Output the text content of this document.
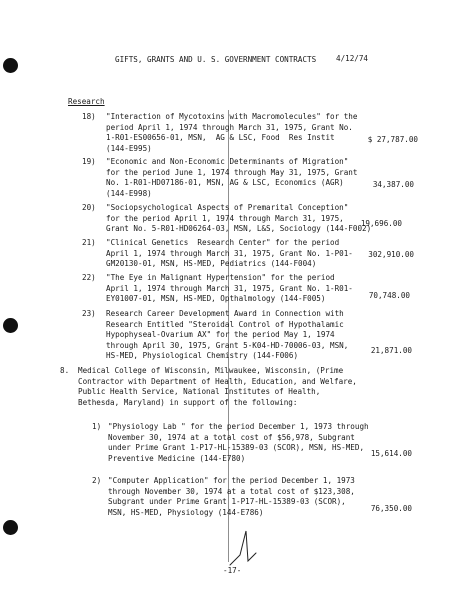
GIFTS, GRANTS AND U. S. GOVERNMENT CONTRACTS	4/12/74
Research
18) "Interaction of Mycotoxins with Macromolecules" for the
period April 1, 1974 through March 31, 1975, Grant No.
1-R01-ES00656-01, MSN,  AG & LSC, Food  Res Instit
(144-E995)
$ 27,787.00
19) "Economic and Non-Economic Determinants of Migration"
for the period June 1, 1974 through May 31, 1975, Grant
No. 1-R01-HD07186-01, MSN, AG & LSC, Economics (AGR)
(144-E998)
34,387.00
20) "Sociopsychological Aspects of Premarital Conception"
for the period April 1, 1974 through March 31, 1975,
Grant No. 5-R01-HD06264-03, MSN, L&S, Sociology (144-F002)
19,696.00
21) "Clinical Genetics  Research Center" for the period
April 1, 1974 through March 31, 1975, Grant No. 1-P01-
GM20130-01, MSN, HS-MED, Pediatrics (144-F004)
302,910.00
22) "The Eye in Malignant Hypertension" for the period
April 1, 1974 through March 31, 1975, Grant No. 1-R01-
EY01007-01, MSN, HS-MED, Opthalmology (144-F005)	70,748.00
23) Research Career Development Award in Connection with
Research Entitled "Steroidal Control of Hypothalamic
Hypophyseal-Ovarium AX" for the period May 1, 1974
through April 30, 1975, Grant 5-K04-HD-70006-03, MSN,
HS-MED, Physiological Chemistry (144-F006)
21,871.00
8. Medical College of Wisconsin, Milwaukee, Wisconsin, (Prime
Contractor with Department of Health, Education, and Welfare,
Public Health Service, National Institutes of Health,
Bethesda, Maryland) in support of the following:
1) "Physiology Lab " for the period December 1, 1973 through
November 30, 1974 at a total cost of $56,978, Subgrant
under Prime Grant 1-P17-HL-15389-03 (SCOR), MSN, HS-MED,
Preventive Medicine (144-E780)
15,614.00
2) "Computer Application" for the period December 1, 1973
through November 30, 1974 at a total cost of $123,308,
Subgrant under Prime Grant 1-P17-HL-15389-03 (SCOR),
MSN, HS-MED, Physiology (144-E786)	76,350.00
-17-
